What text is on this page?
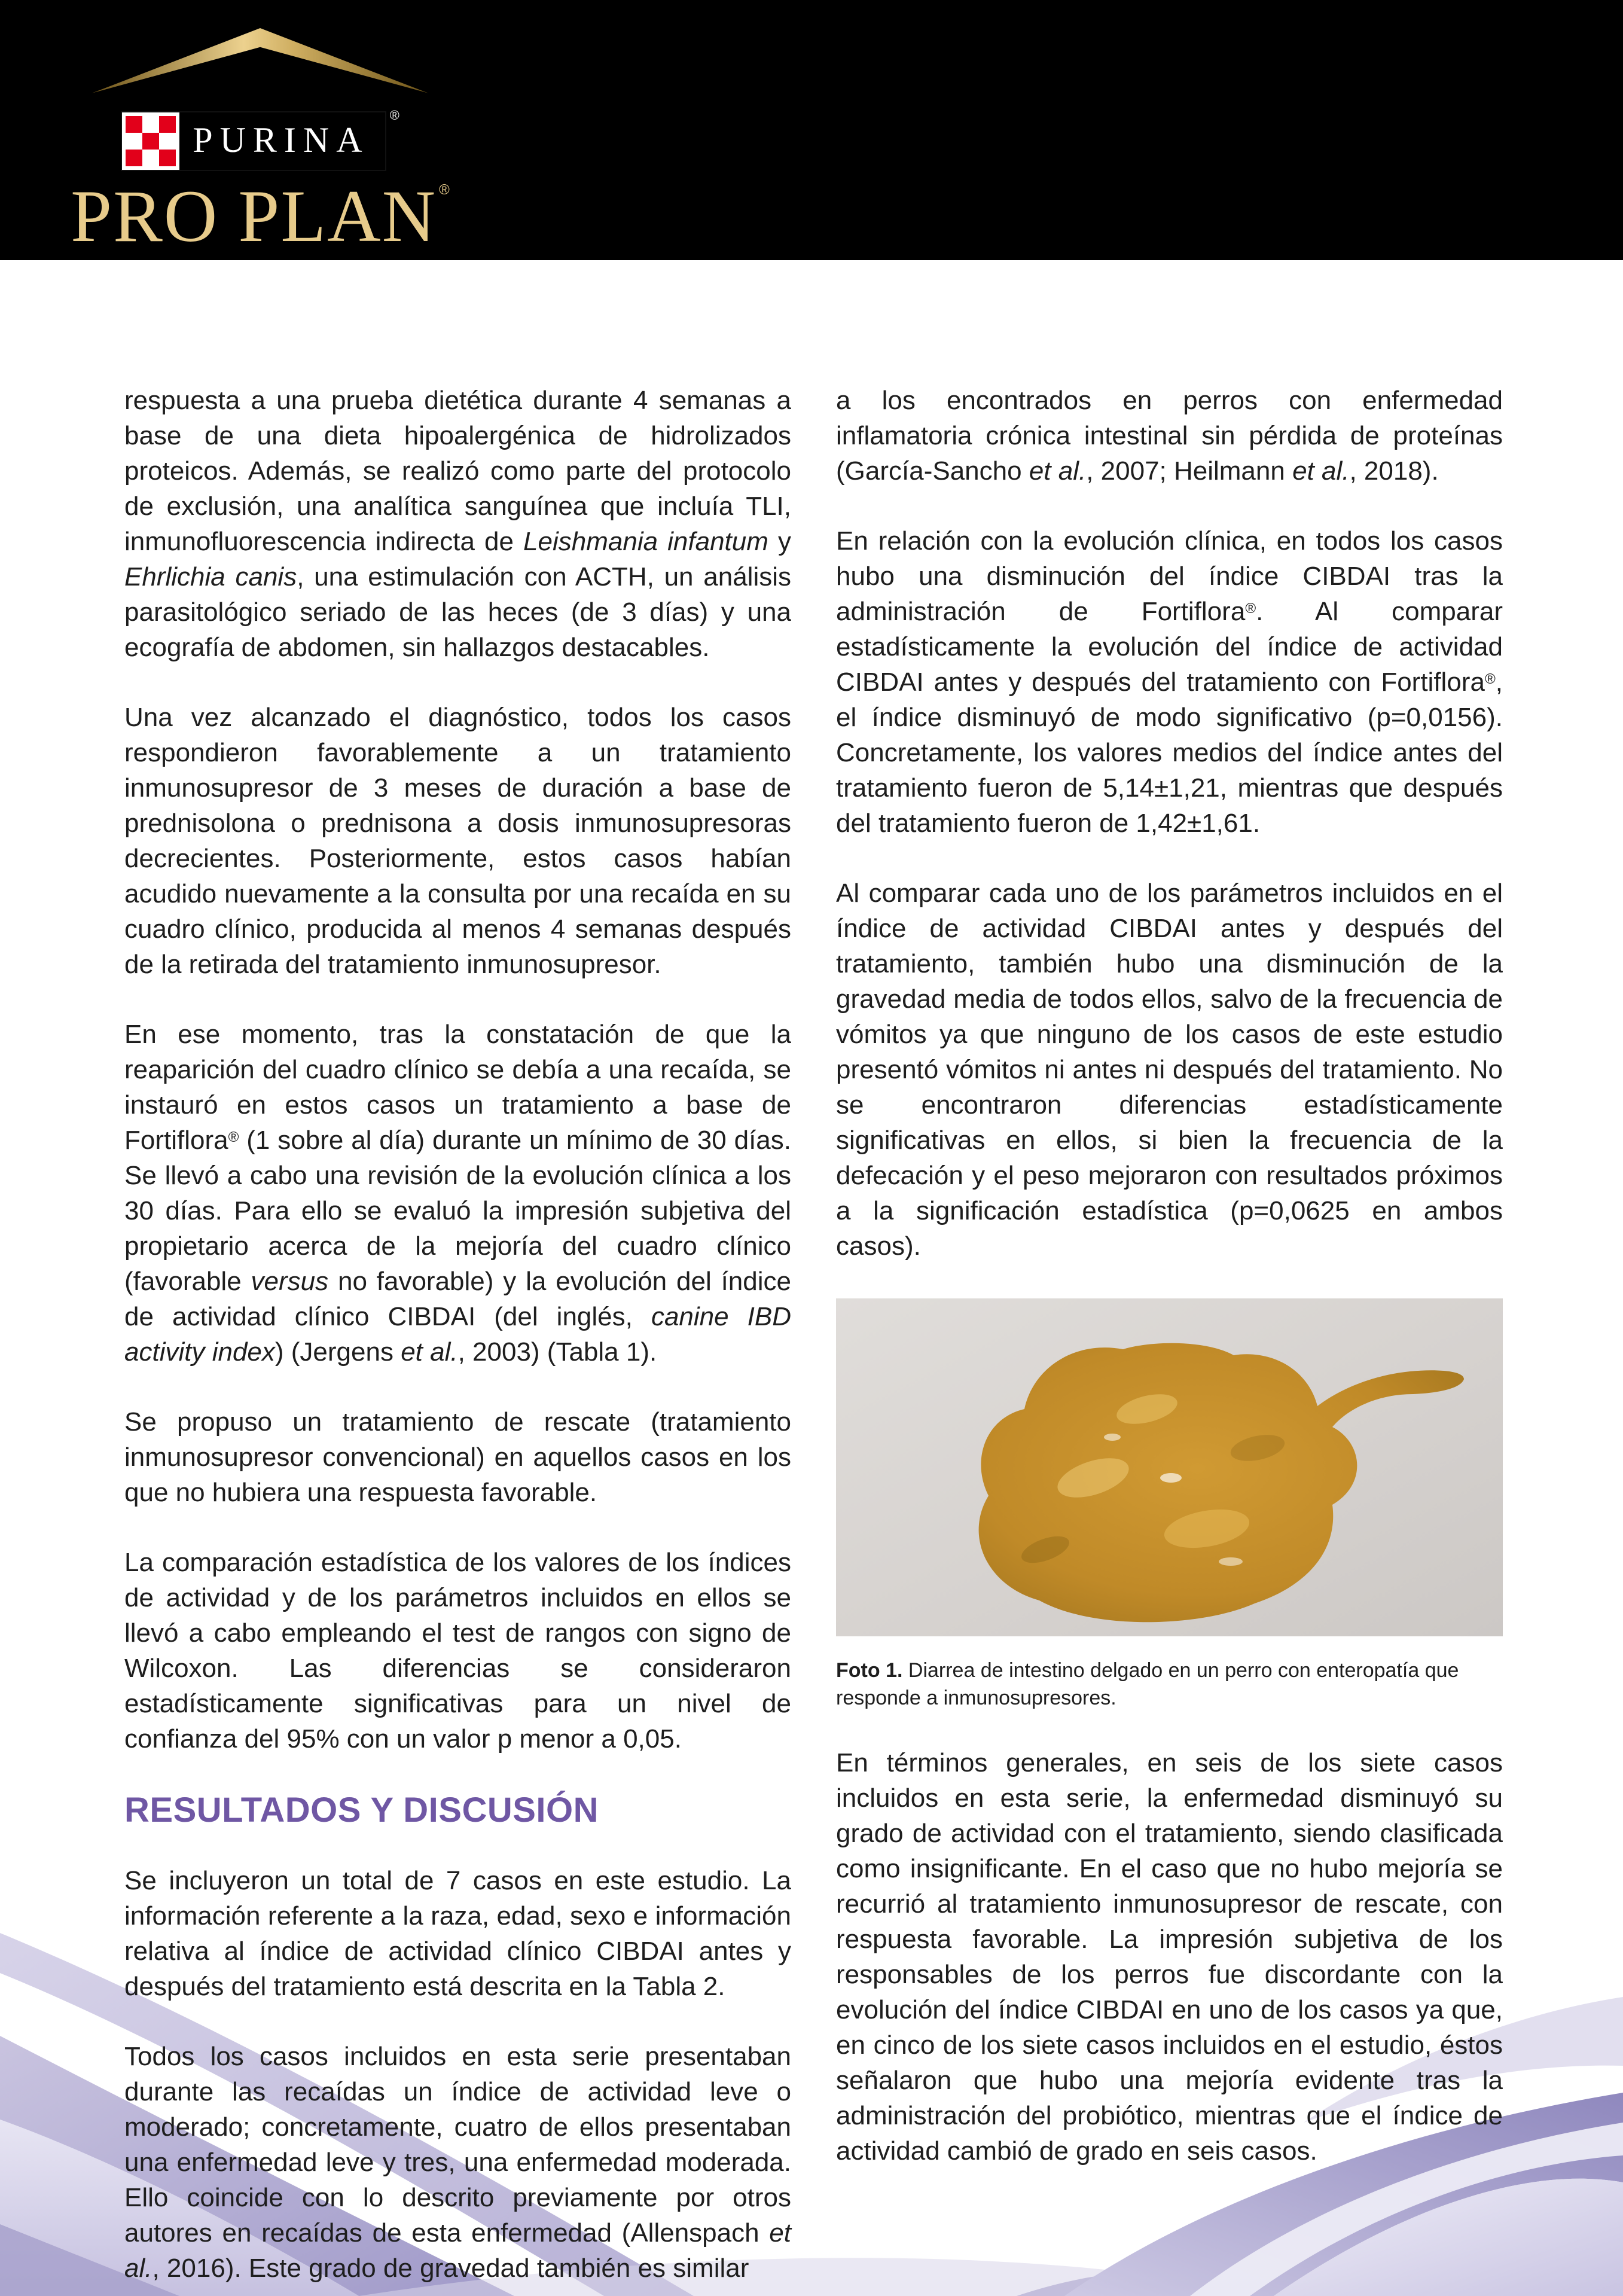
PURINA
®
PRO PLAN ®

respuesta a una prueba dietética durante 4 semanas a base de una dieta hipoalergénica de hidrolizados proteicos. Además, se realizó como parte del protocolo de exclusión, una analítica sanguínea que incluía TLI, inmunofluorescencia indirecta de Leishmania infantum y Ehrlichia canis, una estimulación con ACTH, un análisis parasitológico seriado de las heces (de 3 días) y una ecografía de abdomen, sin hallazgos destacables.

Una vez alcanzado el diagnóstico, todos los casos respondieron favorablemente a un tratamiento inmunosupresor de 3 meses de duración a base de prednisolona o prednisona a dosis inmunosupresoras decrecientes. Posteriormente, estos casos habían acudido nuevamente a la consulta por una recaída en su cuadro clínico, producida al menos 4 semanas después de la retirada del tratamiento inmunosupresor.

En ese momento, tras la constatación de que la reaparición del cuadro clínico se debía a una recaída, se instauró en estos casos un tratamiento a base de Fortiflora® (1 sobre al día) durante un mínimo de 30 días. Se llevó a cabo una revisión de la evolución clínica a los 30 días. Para ello se evaluó la impresión subjetiva del propietario acerca de la mejoría del cuadro clínico (favorable versus no favorable) y la evolución del índice de actividad clínico CIBDAI (del inglés, canine IBD activity index) (Jergens et al., 2003) (Tabla 1).

Se propuso un tratamiento de rescate (tratamiento inmunosupresor convencional) en aquellos casos en los que no hubiera una respuesta favorable.

La comparación estadística de los valores de los índices de actividad y de los parámetros incluidos en ellos se llevó a cabo empleando el test de rangos con signo de Wilcoxon. Las diferencias se consideraron estadísticamente significativas para un nivel de confianza del 95% con un valor p menor a 0,05.

RESULTADOS Y DISCUSIÓN

Se incluyeron un total de 7 casos en este estudio. La información referente a la raza, edad, sexo e información relativa al índice de actividad clínico CIBDAI antes y después del tratamiento está descrita en la Tabla 2.

Todos los casos incluidos en esta serie presentaban durante las recaídas un índice de actividad leve o moderado; concretamente, cuatro de ellos presentaban una enfermedad leve y tres, una enfermedad moderada. Ello coincide con lo descrito previamente por otros autores en recaídas de esta enfermedad (Allenspach et al., 2016). Este grado de gravedad también es similar

a los encontrados en perros con enfermedad inflamatoria crónica intestinal sin pérdida de proteínas (García-Sancho et al., 2007; Heilmann et al., 2018).

En relación con la evolución clínica, en todos los casos hubo una disminución del índice CIBDAI tras la administración de Fortiflora®. Al comparar estadísticamente la evolución del índice de actividad CIBDAI antes y después del tratamiento con Fortiflora®, el índice disminuyó de modo significativo (p=0,0156). Concretamente, los valores medios del índice antes del tratamiento fueron de 5,14±1,21, mientras que después del tratamiento fueron de 1,42±1,61.

Al comparar cada uno de los parámetros incluidos en el índice de actividad CIBDAI antes y después del tratamiento, también hubo una disminución de la gravedad media de todos ellos, salvo de la frecuencia de vómitos ya que ninguno de los casos de este estudio presentó vómitos ni antes ni después del tratamiento. No se encontraron diferencias estadísticamente significativas en ellos, si bien la frecuencia de la defecación y el peso mejoraron con resultados próximos a la significación estadística (p=0,0625 en ambos casos).

Foto 1. Diarrea de intestino delgado en un perro con enteropatía que responde a inmunosupresores.

En términos generales, en seis de los siete casos incluidos en esta serie, la enfermedad disminuyó su grado de actividad con el tratamiento, siendo clasificada como insignificante. En el caso que no hubo mejoría se recurrió al tratamiento inmunosupresor de rescate, con respuesta favorable. La impresión subjetiva de los responsables de los perros fue discordante con la evolución del índice CIBDAI en uno de los casos ya que, en cinco de los siete casos incluidos en el estudio, éstos señalaron que hubo una mejoría evidente tras la administración del probiótico, mientras que el índice de actividad cambió de grado en seis casos.
